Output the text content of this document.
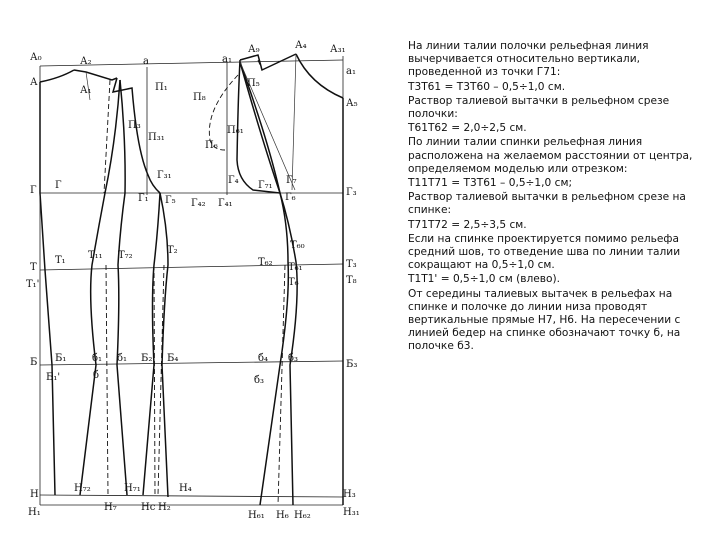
А₀	А₂	а	а₁
А₉	А₄ А₃₁
А
А₁	П₁
П₈
П₅
а₁
А₅
П₃
П₃₁
П₆₁
П₆
Г₃₁	Г₄ Г₇₁ Г₇
Г Г
Г₁ Г₅ Г₄₂ Г₄₁
Г₆	Г₃
Т
Т₁'
Т₁ Т₁₁ Т₇₂	Т₂
Т₆₂
Т₆₀
Т₃
Т₆₁
Т₈
Т₆
Б Б₁
Б₁'
б₁
б
б₁ Б₂ Б₄	б₄ б₃
б₃
Б₃
Н
Н₁
Н₇₂	Н₇₁
Н₇
Н₄
Нс Н₂
Н₆₁ Н₆ Н₆₂
Н₃
Н₃₁

На линии талии полочки рельефная линия вычерчивается относительно вертикали, проведенной из точки Г71:

Т3Т61 = Т3Т60 – 0,5÷1,0 см.

Раствор талиевой вытачки в рельефном срезе полочки:

Т61Т62 = 2,0÷2,5 см.

По линии талии спинки рельефная линия расположена на желаемом расстоянии от центра, определяемом моделью или отрезком:

Т11Т71 = Т3Т61 – 0,5÷1,0 см;

Раствор талиевой вытачки в рельефном срезе на спинке:

Т71Т72 = 2,5÷3,5 см.

Если на спинке проектируется помимо рельефа средний шов, то отведение шва по линии талии сокращают на 0,5÷1,0 см.

Т1Т1' = 0,5÷1,0 см (влево).

От середины талиевых вытачек в рельефах на спинке и полочке до линии низа проводят вертикальные прямые Н7, Н6. На пересечении с линией бедер на спинке обозначают точку б, на полочке б3.
